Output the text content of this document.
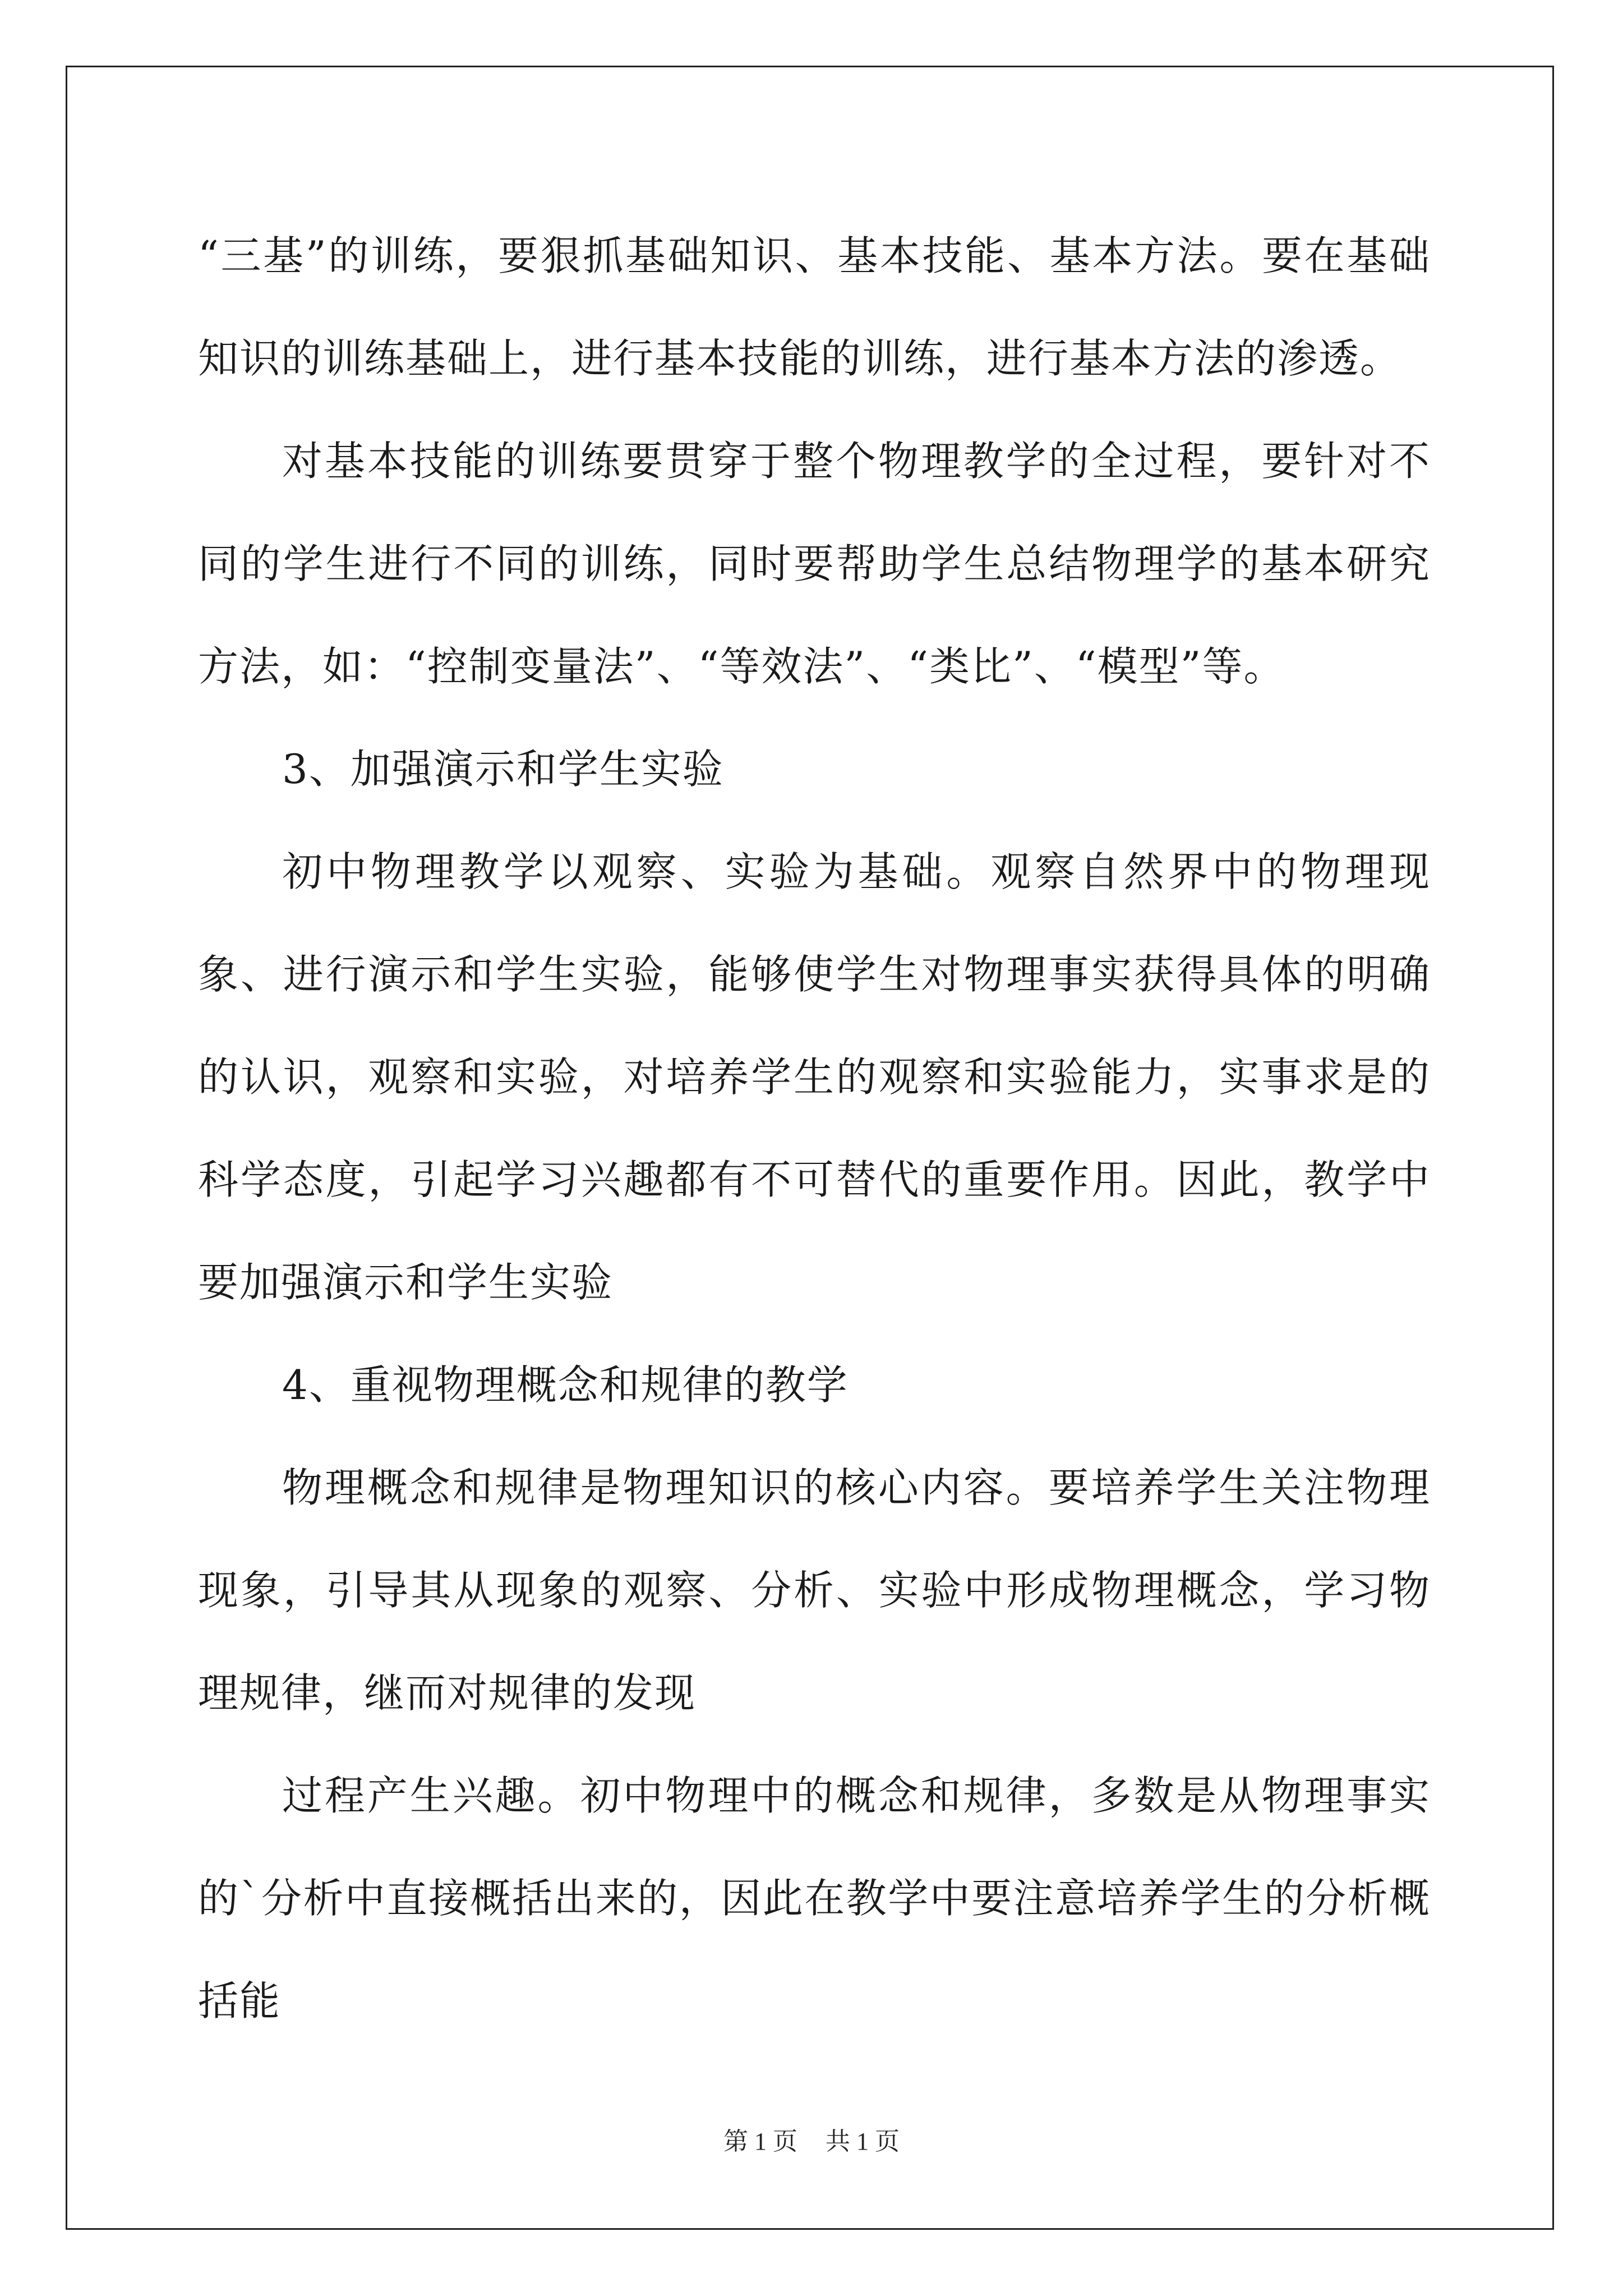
“三基”的训练，要狠抓基础知识、基本技能、基本方法。要在基础知识的训练基础上，进行基本技能的训练，进行基本方法的渗透。

对基本技能的训练要贯穿于整个物理教学的全过程，要针对不同的学生进行不同的训练，同时要帮助学生总结物理学的基本研究方法，如：“控制变量法”、“等效法”、“类比”、“模型”等。

3、加强演示和学生实验

初中物理教学以观察、实验为基础。观察自然界中的物理现象、进行演示和学生实验，能够使学生对物理事实获得具体的明确的认识，观察和实验，对培养学生的观察和实验能力，实事求是的科学态度，引起学习兴趣都有不可替代的重要作用。因此，教学中要加强演示和学生实验

4、重视物理概念和规律的教学

物理概念和规律是物理知识的核心内容。要培养学生关注物理现象，引导其从现象的观察、分析、实验中形成物理概念，学习物理规律，继而对规律的发现

过程产生兴趣。初中物理中的概念和规律，多数是从物理事实的`分析中直接概括出来的，因此在教学中要注意培养学生的分析概括能

第 1 页 共 1 页
